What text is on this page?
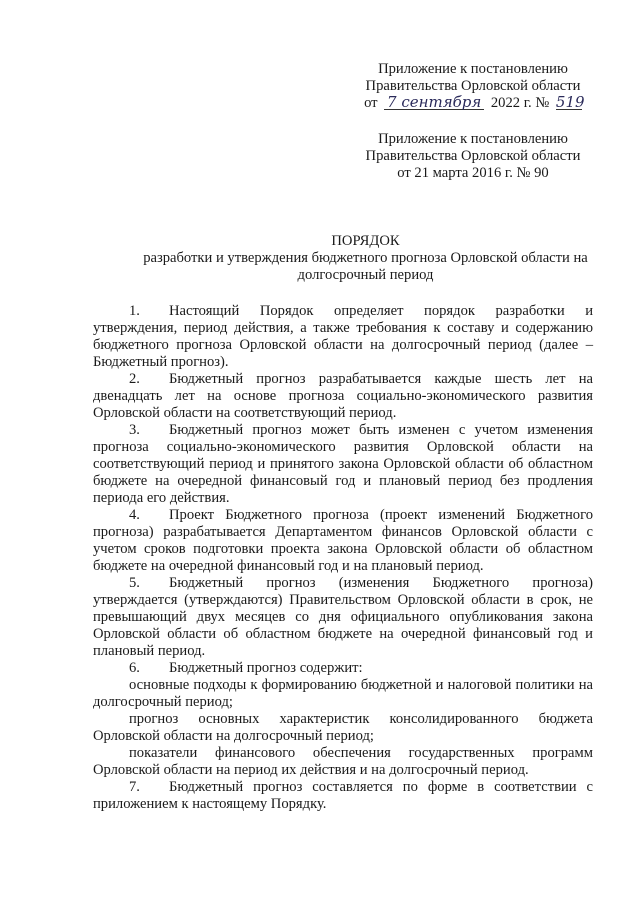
Приложение к постановлению
Правительства Орловской области
от 7 сентября 2022 г. № 519
Приложение к постановлению
Правительства Орловской области
от 21 марта 2016 г. № 90
ПОРЯДОК
разработки и утверждения бюджетного прогноза Орловской области на
долгосрочный период

1. Настоящий Порядок определяет порядок разработки и утверждения, период действия, а также требования к составу и содержанию бюджетного прогноза Орловской области на долгосрочный период (далее – Бюджетный прогноз).

2. Бюджетный прогноз разрабатывается каждые шесть лет на двенадцать лет на основе прогноза социально-экономического развития Орловской области на соответствующий период.

3. Бюджетный прогноз может быть изменен с учетом изменения прогноза социально-экономического развития Орловской области на соответствующий период и принятого закона Орловской области об областном бюджете на очередной финансовый год и плановый период без продления периода его действия.

4. Проект Бюджетного прогноза (проект изменений Бюджетного прогноза) разрабатывается Департаментом финансов Орловской области с учетом сроков подготовки проекта закона Орловской области об областном бюджете на очередной финансовый год и на плановый период.

5. Бюджетный прогноз (изменения Бюджетного прогноза) утверждается (утверждаются) Правительством Орловской области в срок, не превышающий двух месяцев со дня официального опубликования закона Орловской области об областном бюджете на очередной финансовый год и плановый период.

6. Бюджетный прогноз содержит:

основные подходы к формированию бюджетной и налоговой политики на долгосрочный период;

прогноз основных характеристик консолидированного бюджета Орловской области на долгосрочный период;

показатели финансового обеспечения государственных программ Орловской области на период их действия и на долгосрочный период.

7. Бюджетный прогноз составляется по форме в соответствии с приложением к настоящему Порядку.
